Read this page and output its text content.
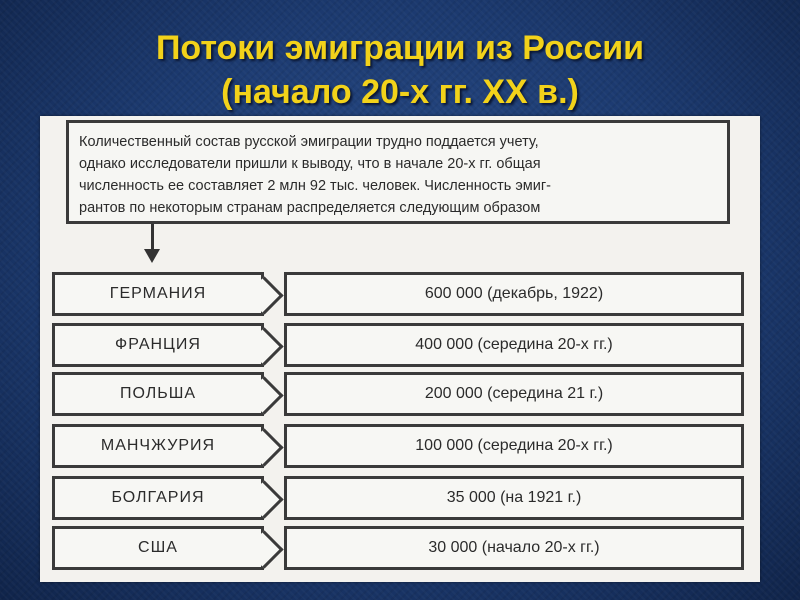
Потоки эмиграции из России
(начало 20-х гг. XX в.)

Количественный состав русской эмиграции трудно поддается учету,

однако исследователи пришли к выводу, что в начале 20-х гг. общая

численность ее составляет 2 млн 92 тыс. человек. Численность эмиг-

рантов по некоторым странам распределяется следующим образом

ГЕРМАНИЯ	600 000 (декабрь, 1922)
ФРАНЦИЯ	400 000 (середина 20-х гг.)
ПОЛЬША	200 000 (середина 21 г.)
МАНЧЖУРИЯ	100 000 (середина 20-х гг.)
БОЛГАРИЯ	35 000 (на 1921 г.)
США	30 000 (начало 20-х гг.)
